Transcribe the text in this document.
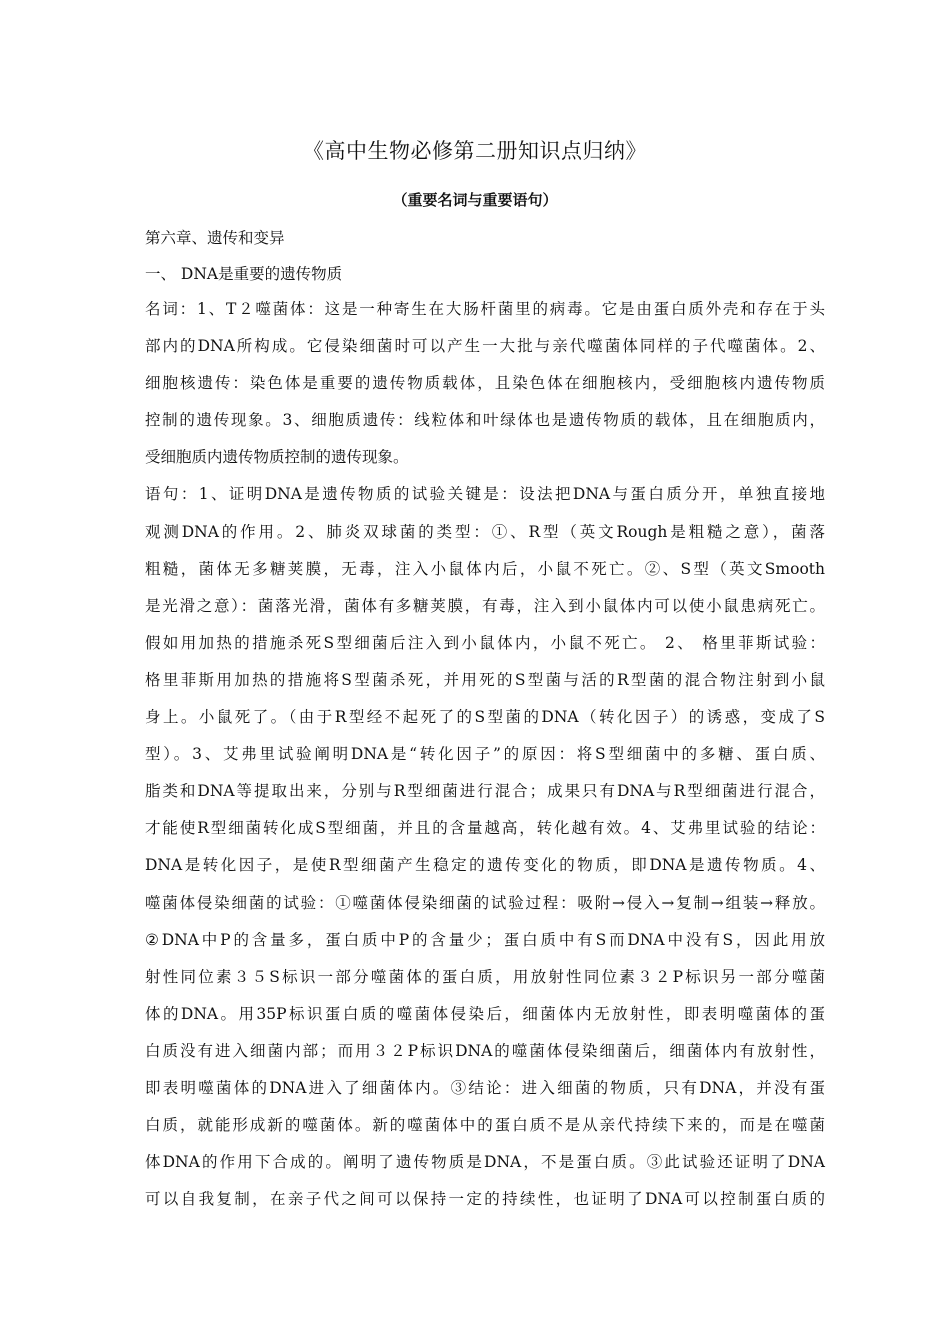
《高中生物必修第二册知识点归纳》
（重要名词与重要语句）
第六章、遗传和变异
一、 DNA是重要的遗传物质
名词：1、T２噬菌体：这是一种寄生在大肠杆菌里的病毒。它是由蛋白质外壳和存在于头
部内的DNA所构成。它侵染细菌时可以产生一大批与亲代噬菌体同样的子代噬菌体。2、
细胞核遗传：染色体是重要的遗传物质载体，且染色体在细胞核内，受细胞核内遗传物质
控制的遗传现象。3、细胞质遗传：线粒体和叶绿体也是遗传物质的载体，且在细胞质内，
受细胞质内遗传物质控制的遗传现象。
语句：1、证明DNA是遗传物质的试验关键是：设法把DNA与蛋白质分开，单独直接地
观测DNA的作用。2、肺炎双球菌的类型：①、R型（英文Rough是粗糙之意），菌落
粗糙，菌体无多糖荚膜，无毒，注入小鼠体内后，小鼠不死亡。②、S型（英文Smooth
是光滑之意）：菌落光滑，菌体有多糖荚膜，有毒，注入到小鼠体内可以使小鼠患病死亡。
假如用加热的措施杀死S型细菌后注入到小鼠体内，小鼠不死亡。 2、 格里菲斯试验：
格里菲斯用加热的措施将S型菌杀死，并用死的S型菌与活的R型菌的混合物注射到小鼠
身上。小鼠死了。（由于R型经不起死了的S型菌的DNA（转化因子）的诱惑，变成了S
型）。3、艾弗里试验阐明DNA是“转化因子”的原因：将S型细菌中的多糖、蛋白质、
脂类和DNA等提取出来，分别与R型细菌进行混合；成果只有DNA与R型细菌进行混合，
才能使R型细菌转化成S型细菌，并且的含量越高，转化越有效。4、艾弗里试验的结论：
DNA是转化因子，是使R型细菌产生稳定的遗传变化的物质，即DNA是遗传物质。4、
噬菌体侵染细菌的试验：①噬菌体侵染细菌的试验过程：吸附→侵入→复制→组装→释放。
②DNA中P的含量多，蛋白质中P的含量少；蛋白质中有S而DNA中没有S，因此用放
射性同位素３５S标识一部分噬菌体的蛋白质，用放射性同位素３２P标识另一部分噬菌
体的DNA。用35P标识蛋白质的噬菌体侵染后，细菌体内无放射性，即表明噬菌体的蛋
白质没有进入细菌内部；而用３２P标识DNA的噬菌体侵染细菌后，细菌体内有放射性，
即表明噬菌体的DNA进入了细菌体内。③结论：进入细菌的物质，只有DNA，并没有蛋
白质，就能形成新的噬菌体。新的噬菌体中的蛋白质不是从亲代持续下来的，而是在噬菌
体DNA的作用下合成的。阐明了遗传物质是DNA，不是蛋白质。③此试验还证明了DNA
可以自我复制，在亲子代之间可以保持一定的持续性，也证明了DNA可以控制蛋白质的
